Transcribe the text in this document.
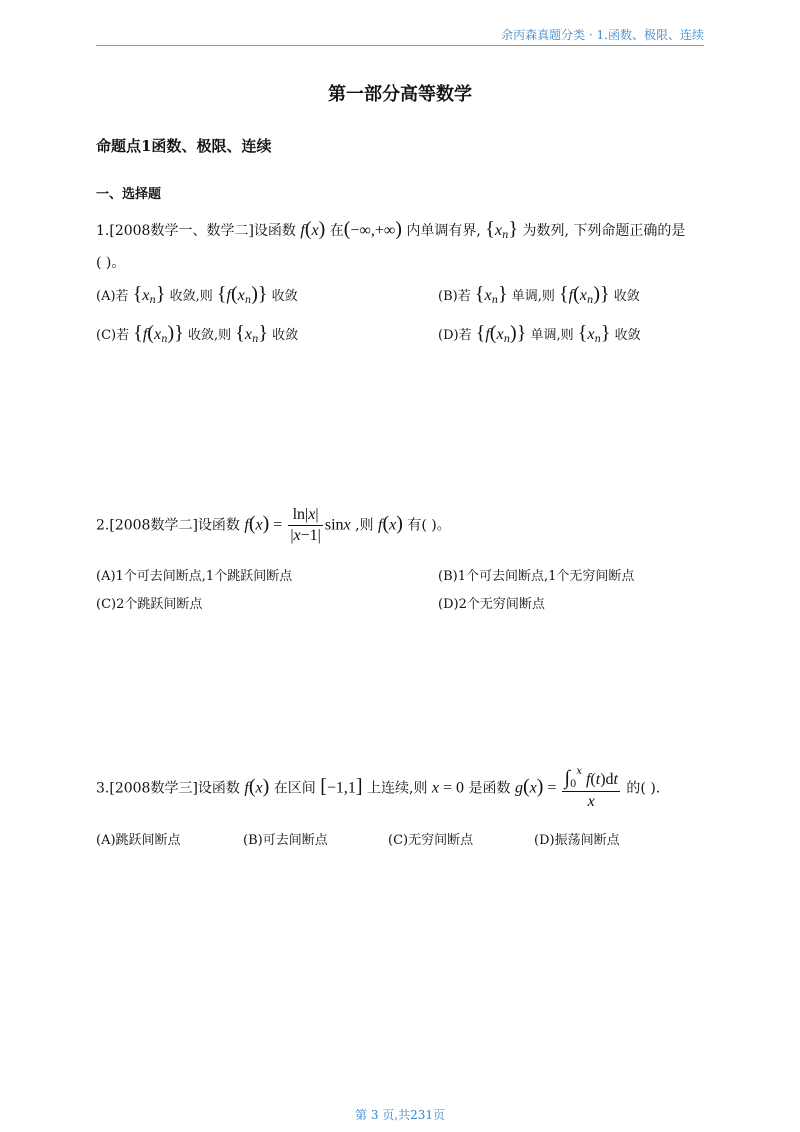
余丙森真题分类 · 1.函数、极限、连续
第一部分高等数学
命题点1函数、极限、连续
一、选择题
1.[2008数学一、数学二]设函数 f(x) 在(−∞,+∞) 内单调有界, $\{x_n\}$ 为数列, 下列命题正确的是
( )。
(A)若 $\{x_n\}$ 收敛,则 $\{f(x_n)\}$ 收敛	(B)若 $\{x_n\}$ 单调,则 $\{f(x_n)\}$ 收敛
(C)若 $\{f(x_n)\}$ 收敛,则 $\{x_n\}$ 收敛	(D)若 $\{f(x_n)\}$ 单调,则 $\{x_n\}$ 收敛
2.[2008数学二]设函数 $f(x) = \frac{\ln|x|}{|x-1|}$ sinx ,则 f(x) 有( )。
(A)1个可去间断点,1个跳跃间断点	(B)1个可去间断点,1个无穷间断点
(C)2个跳跃间断点	(D)2个无穷间断点
3.[2008数学三]设函数 f(x) 在区间 [−1,1] 上连续,则 x = 0 是函数 $g(x) = \frac{\int_0^x f(t)dt}{x}$ 的( ).
(A)跳跃间断点	(B)可去间断点	(C)无穷间断点	(D)振荡间断点
第 3 页,共231页
